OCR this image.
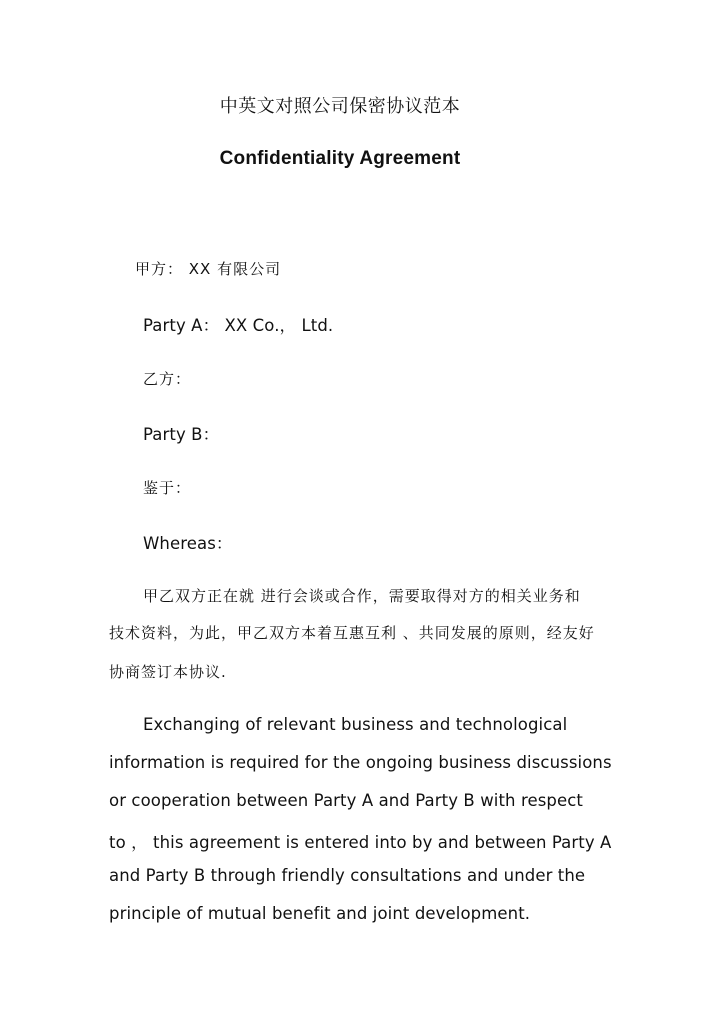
中英文对照公司保密协议范本
Confidentiality Agreement
甲方： XX 有限公司
Party A： XX Co.， Ltd.
乙方：
Party B：
鉴于：
Whereas：
甲乙双方正在就 进行会谈或合作，需要取得对方的相关业务和
技术资料，为此，甲乙双方本着互惠互利 、共同发展的原则，经友好
协商签订本协议.
Exchanging of relevant business and technological
information is required for the ongoing business discussions
or cooperation between Party A and Party B with respect
to ， this agreement is entered into by and between Party A
and Party B through friendly consultations and under the
principle of mutual benefit and joint development.
